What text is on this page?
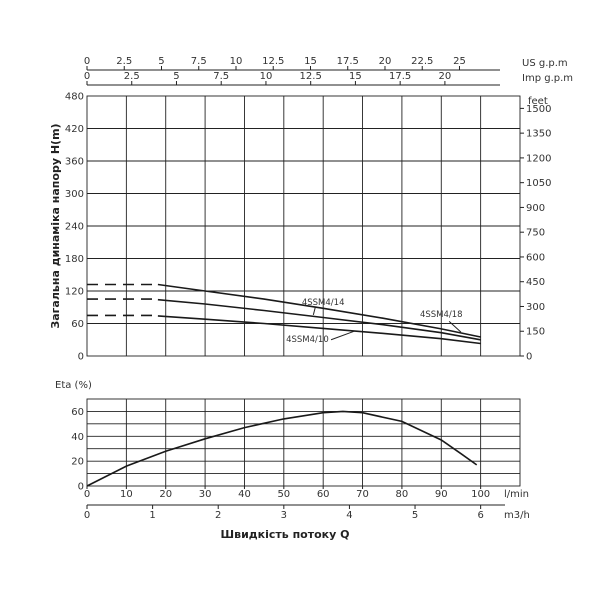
0
60
120
180
240
300
360
420
480
0
150
300
450
600
750
900
1050
1200
1350
1500
feet
0	2.5	5	7.5 10 12.5 15 17.5 20 22.5 25	US g.p.m
0	2.5	5	7.5	10	12.5	15	17.5	20	Imp g.p.m
4SSM4/14
4SSM4/18
4SSM4/10
Загальна динаміка напору H(m)
0
20
40
60
Eta (%)
0	10	20	30	40	50	60	70	80	90 100 l/min
0	1	2	3	4	5	6 m3/h
Швидкість потоку Q
